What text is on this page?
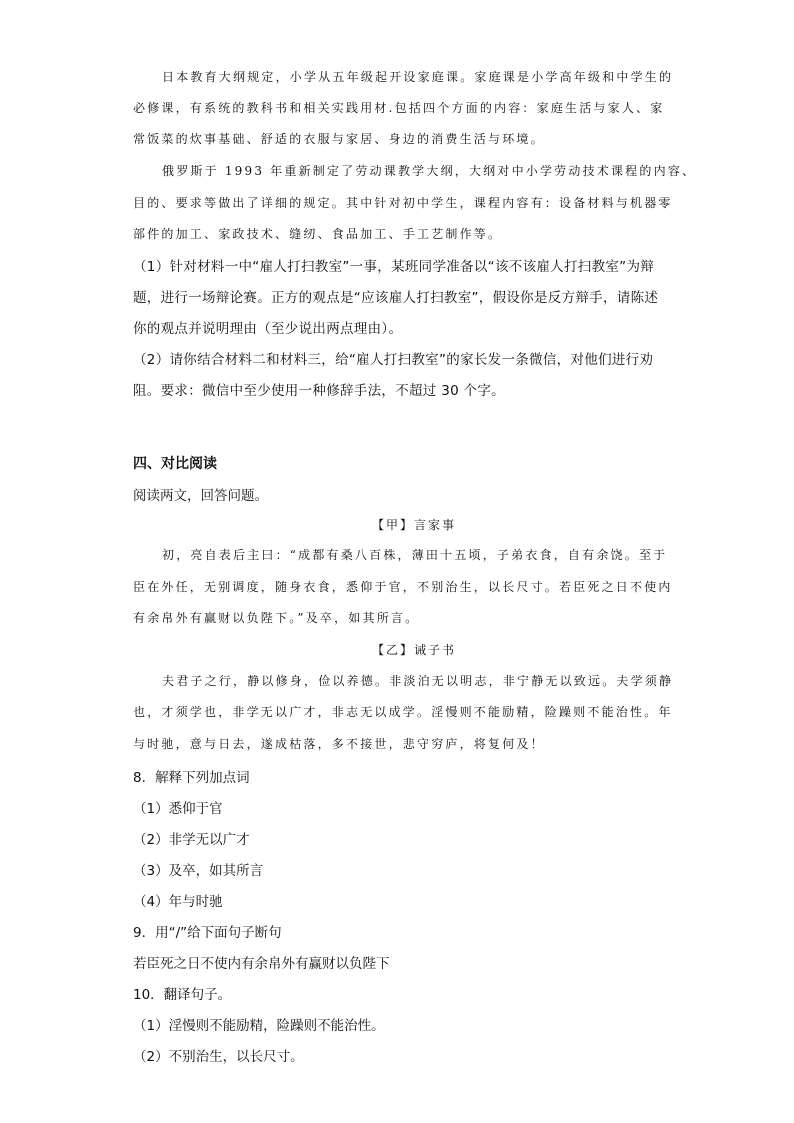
日本教育大纲规定，小学从五年级起开设家庭课。家庭课是小学高年级和中学生的
必修课，有系统的教科书和相关实践用材.包括四个方面的内容：家庭生活与家人、家
常饭菜的炊事基础、舒适的衣服与家居、身边的消费生活与环境。
俄罗斯于 1993 年重新制定了劳动课教学大纲，大纲对中小学劳动技术课程的内容、
目的、要求等做出了详细的规定。其中针对初中学生，课程内容有：设备材料与机器零
部件的加工、家政技术、缝纫、食品加工、手工艺制作等。
（1）针对材料一中“雇人打扫教室”一事，某班同学准备以“该不该雇人打扫教室”为辩
题，进行一场辩论赛。正方的观点是“应该雇人打扫教室”，假设你是反方辩手，请陈述
你的观点并说明理由（至少说出两点理由）。
（2）请你结合材料二和材料三，给“雇人打扫教室”的家长发一条微信，对他们进行劝
阻。要求：微信中至少使用一种修辞手法，不超过 30 个字。
四、对比阅读
阅读两文，回答问题。
【甲】言家事
初，亮自表后主曰：“成都有桑八百株，薄田十五顷，子弟衣食，自有余饶。至于
臣在外任，无别调度，随身衣食，悉仰于官，不别治生，以长尺寸。若臣死之日不使内
有余帛外有赢财以负陛下。”及卒，如其所言。
【乙】诫子书
夫君子之行，静以修身，俭以养德。非淡泊无以明志，非宁静无以致远。夫学须静
也，才须学也，非学无以广才，非志无以成学。淫慢则不能励精，险躁则不能治性。年
与时驰，意与日去，遂成枯落，多不接世，悲守穷庐，将复何及！
8．解释下列加点词
（1）悉仰于官
（2）非学无以广才
（3）及卒，如其所言
（4）年与时驰
9．用“/”给下面句子断句
若臣死之日不使内有余帛外有赢财以负陛下
10．翻译句子。
（1）淫慢则不能励精，险躁则不能治性。
（2）不别治生，以长尺寸。
